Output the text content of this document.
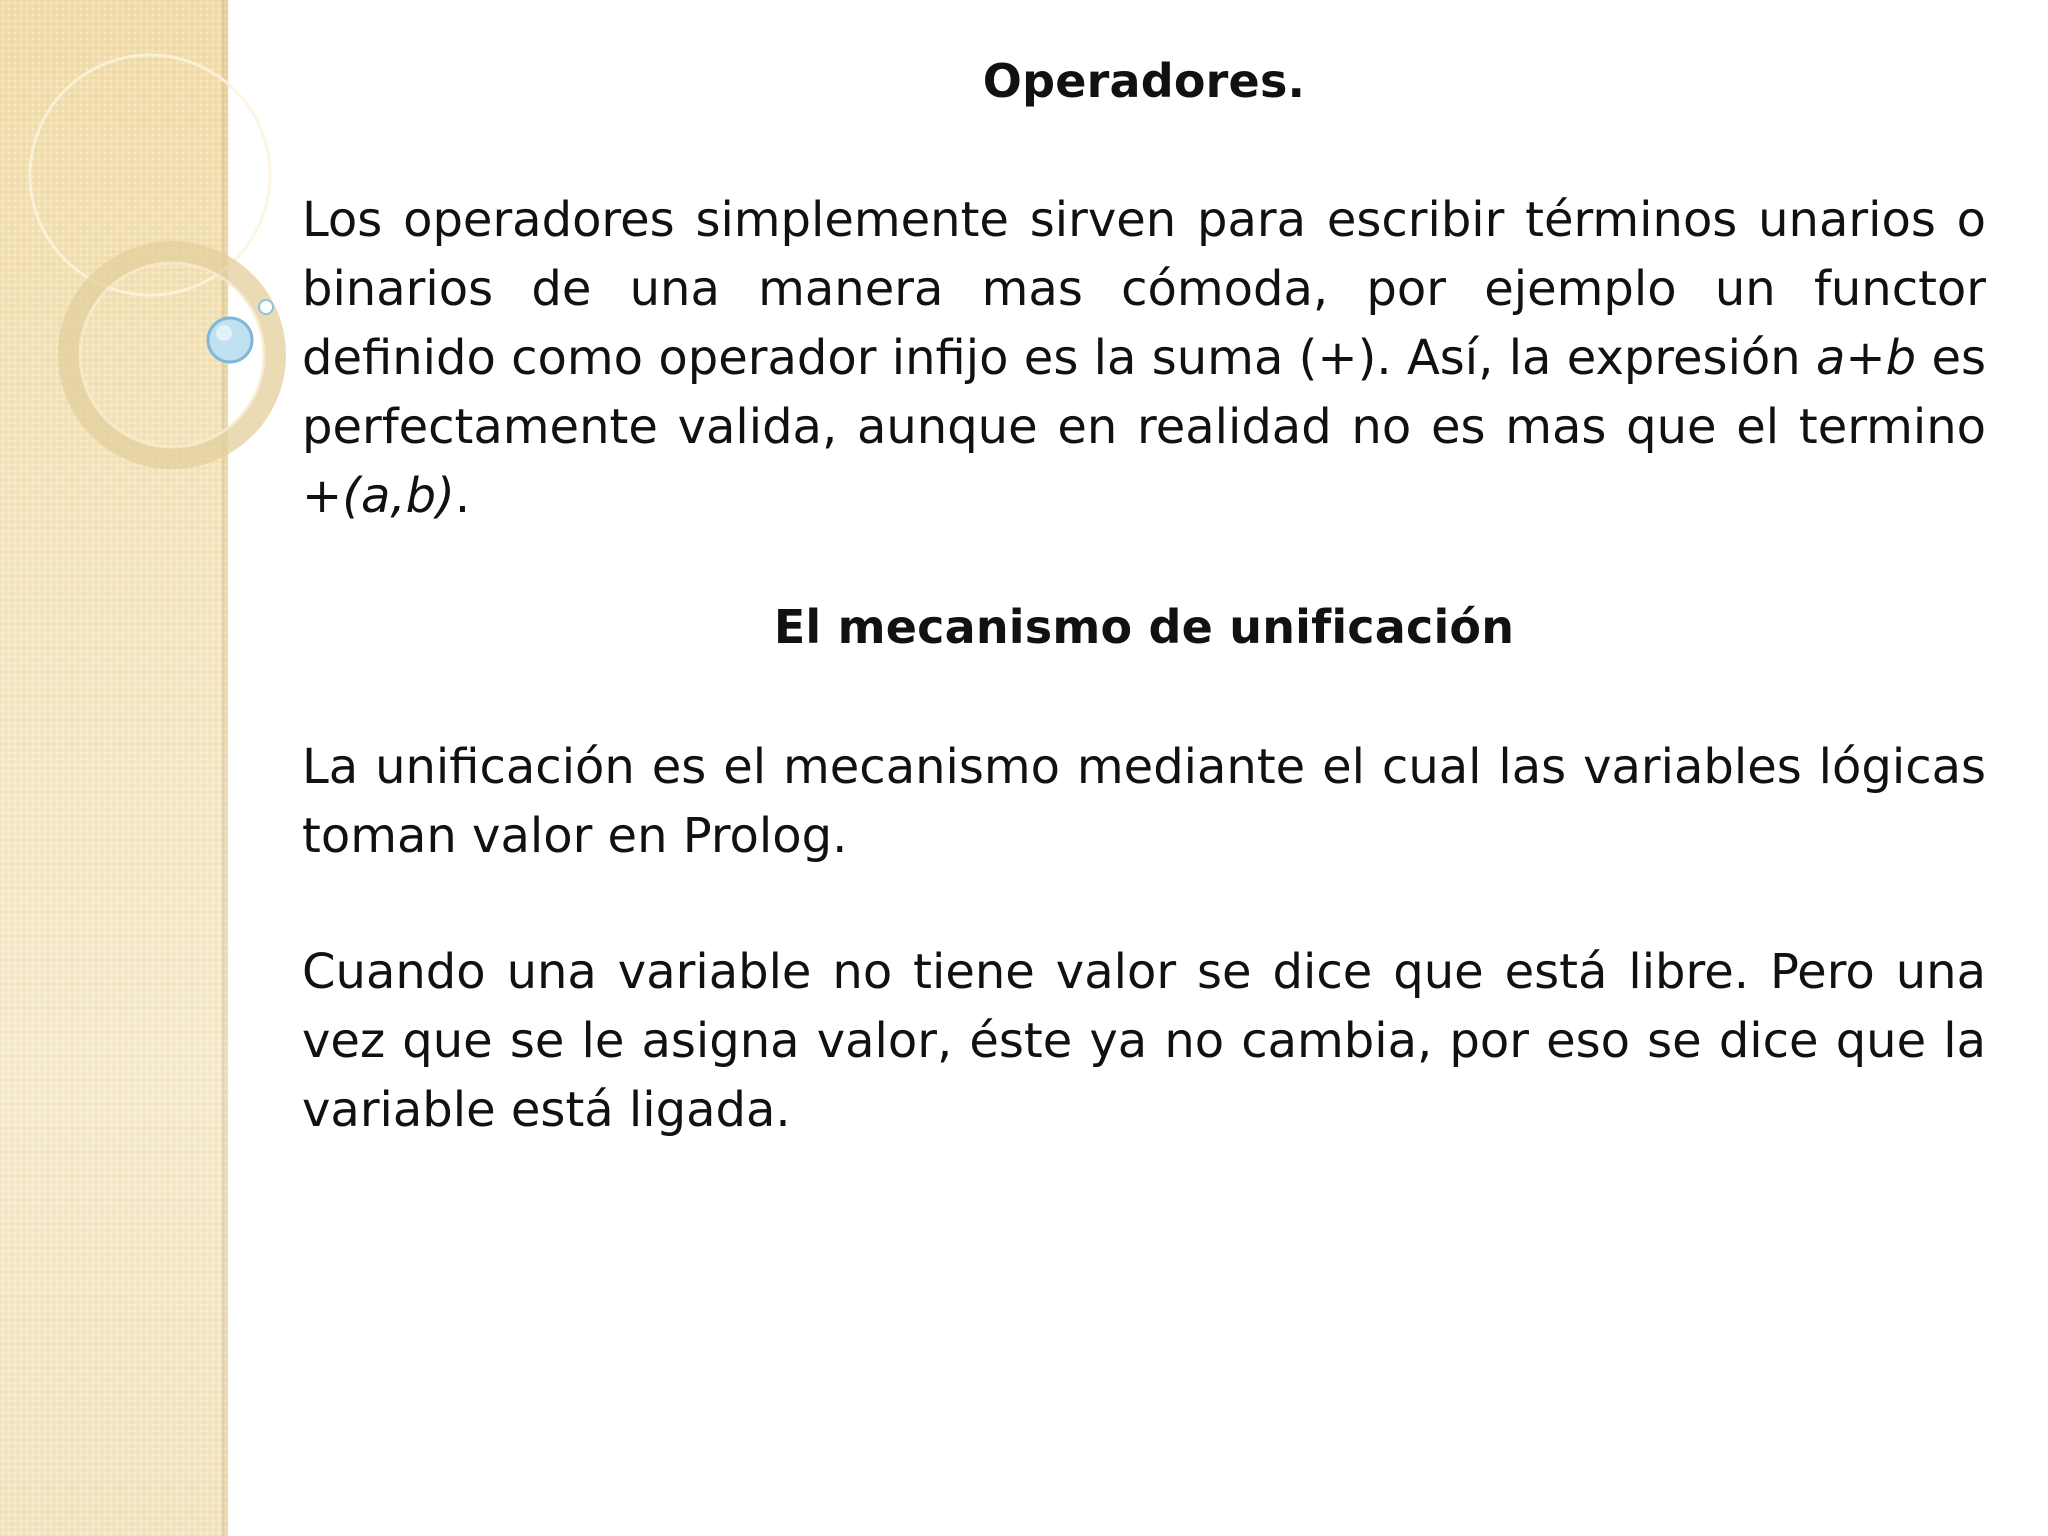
Operadores.

Los operadores simplemente sirven para escribir términos unarios o binarios de una manera mas cómoda, por ejemplo un functor definido como operador infijo es la suma (+). Así, la expresión a+b es perfectamente valida, aunque en realidad no es mas que el termino +(a,b).

El mecanismo de unificación

La unificación es el mecanismo mediante el cual las variables lógicas toman valor en Prolog.

Cuando una variable no tiene valor se dice que está libre. Pero una vez que se le asigna valor, éste ya no cambia, por eso se dice que la variable está ligada.
